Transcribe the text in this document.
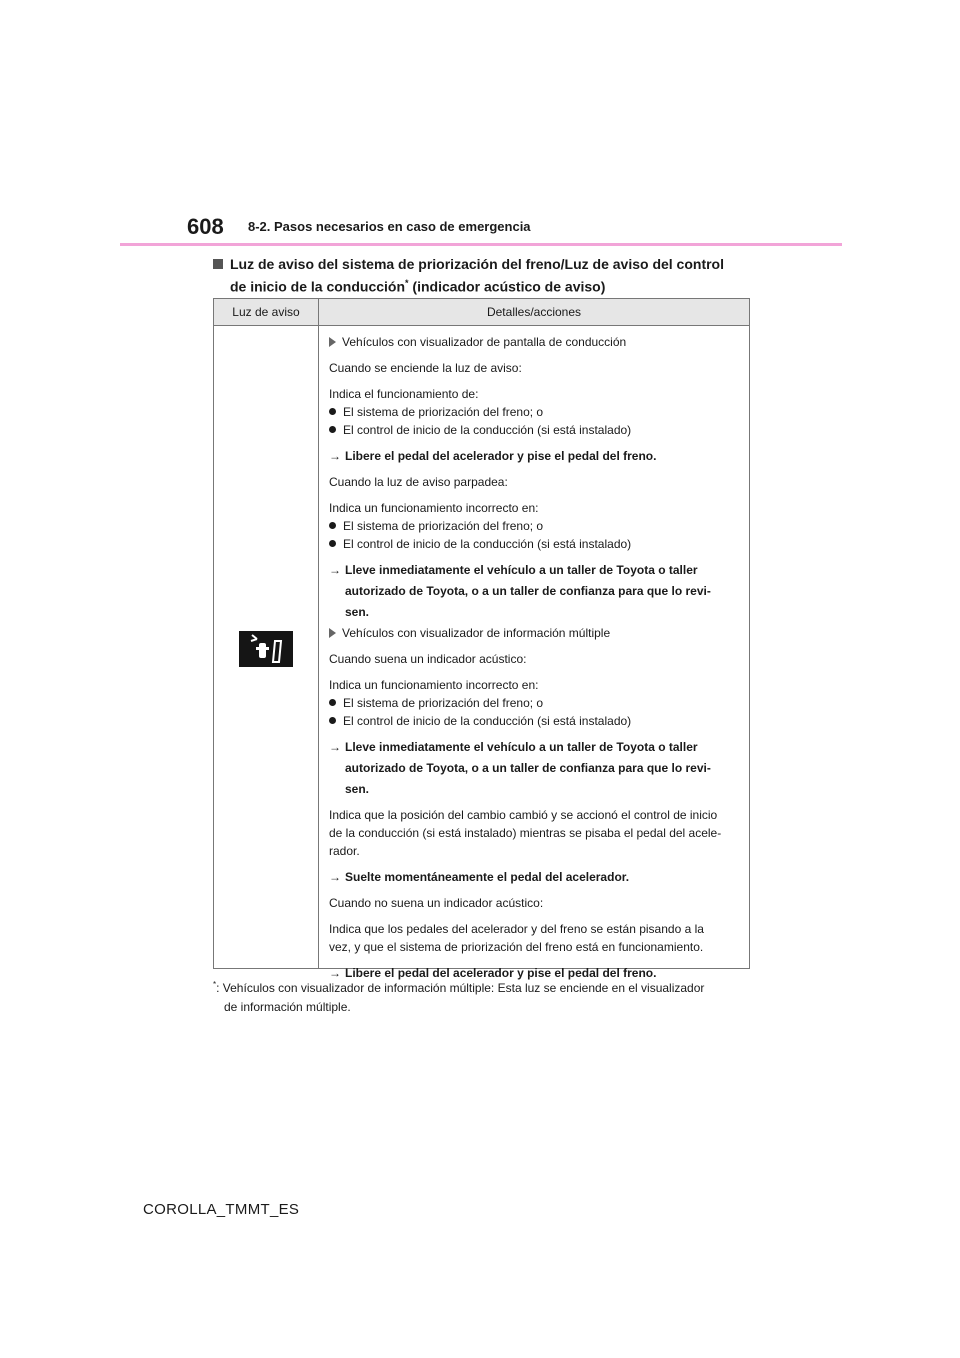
608 8-2. Pasos necesarios en caso de emergencia
Luz de aviso del sistema de priorización del freno/Luz de aviso del control
de inicio de la conducción* (indicador acústico de aviso)
Luz de aviso	Detalles/acciones
Vehículos con visualizador de pantalla de conducción
Cuando se enciende la luz de aviso:
Indica el funcionamiento de:
El sistema de priorización del freno; o
El control de inicio de la conducción (si está instalado)
→ Libere el pedal del acelerador y pise el pedal del freno.
Cuando la luz de aviso parpadea:
Indica un funcionamiento incorrecto en:
El sistema de priorización del freno; o
El control de inicio de la conducción (si está instalado)
→ Lleve inmediatamente el vehículo a un taller de Toyota o taller
autorizado de Toyota, o a un taller de confianza para que lo revi-
sen.
Vehículos con visualizador de información múltiple
Cuando suena un indicador acústico:
Indica un funcionamiento incorrecto en:
El sistema de priorización del freno; o
El control de inicio de la conducción (si está instalado)
→ Lleve inmediatamente el vehículo a un taller de Toyota o taller
autorizado de Toyota, o a un taller de confianza para que lo revi-
sen.
Indica que la posición del cambio cambió y se accionó el control de inicio
de la conducción (si está instalado) mientras se pisaba el pedal del acele-
rador.
→ Suelte momentáneamente el pedal del acelerador.
Cuando no suena un indicador acústico:
Indica que los pedales del acelerador y del freno se están pisando a la
vez, y que el sistema de priorización del freno está en funcionamiento.
→ Libere el pedal del acelerador y pise el pedal del freno.
*: Vehículos con visualizador de información múltiple: Esta luz se enciende en el visualizador
de información múltiple.
COROLLA_TMMT_ES
